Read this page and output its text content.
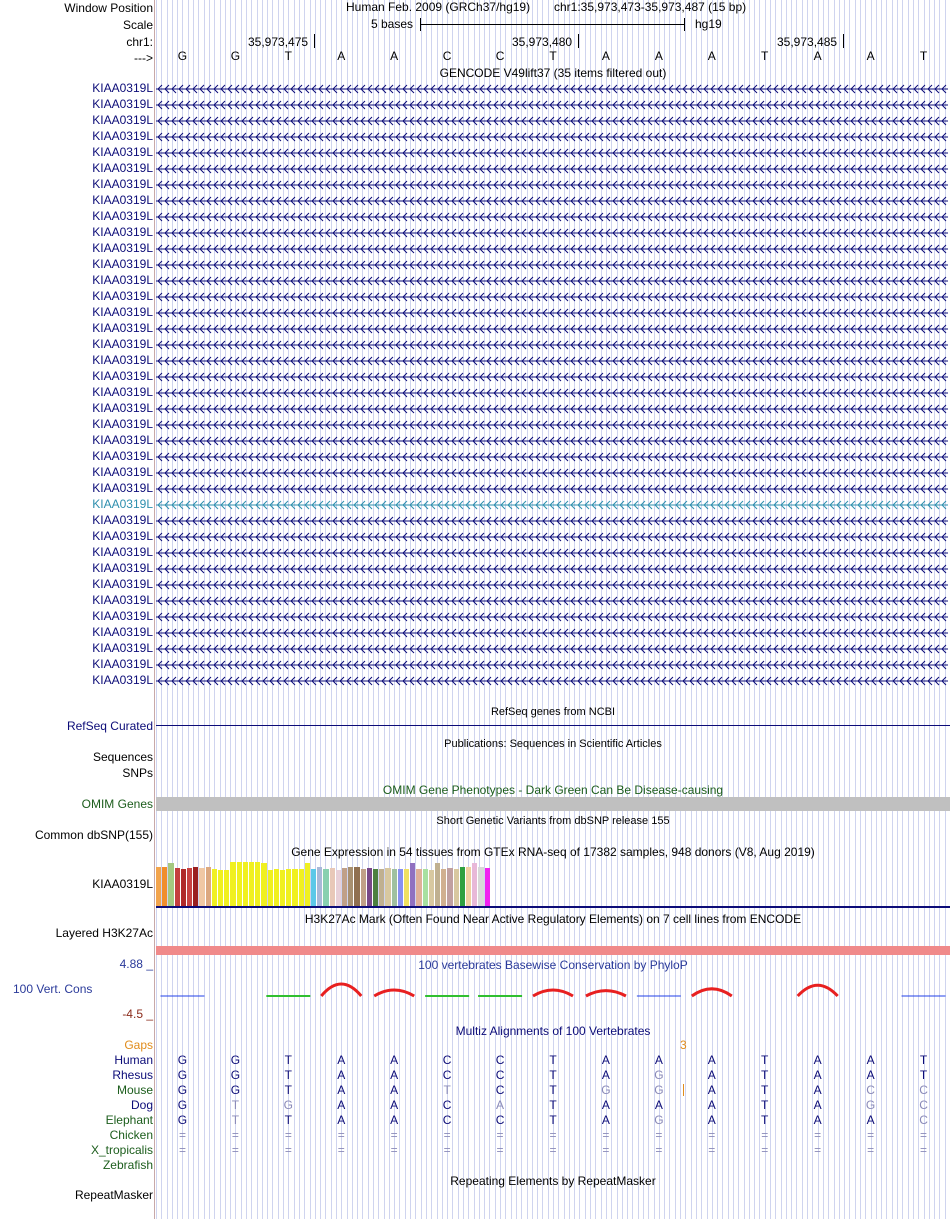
Window Position	Human Feb. 2009 (GRCh37/hg19) chr1:35,973,473-35,973,487 (15 bp)
Scale	5 bases	hg19
chr1:	35,973,475	35,973,480	35,973,485
--->
GENCODE V49lift37 (35 items filtered out)
RefSeq genes from NCBI
RefSeq Curated
Publications: Sequences in Scientific Articles
Sequences
SNPs
OMIM Gene Phenotypes - Dark Green Can Be Disease-causing
OMIM Genes
Short Genetic Variants from dbSNP release 155
Common dbSNP(155)
Gene Expression in 54 tissues from GTEx RNA-seq of 17382 samples, 948 donors (V8, Aug 2019)
KIAA0319L
H3K27Ac Mark (Often Found Near Active Regulatory Elements) on 7 cell lines from ENCODE
Layered H3K27Ac
100 vertebrates Basewise Conservation by PhyloP
4.88 _
100 Vert. Cons
-4.5 _
Multiz Alignments of 100 Vertebrates
Gaps	3
Repeating Elements by RepeatMasker
RepeatMasker
G	G	T	A	A	C	C	T	A	A	A	T	A	A	T
KIAA0319L
KIAA0319L
KIAA0319L
KIAA0319L
KIAA0319L
KIAA0319L
KIAA0319L
KIAA0319L
KIAA0319L
KIAA0319L
KIAA0319L
KIAA0319L
KIAA0319L
KIAA0319L
KIAA0319L
KIAA0319L
KIAA0319L
KIAA0319L
KIAA0319L
KIAA0319L
KIAA0319L
KIAA0319L
KIAA0319L
KIAA0319L
KIAA0319L
KIAA0319L
KIAA0319L
KIAA0319L
KIAA0319L
KIAA0319L
KIAA0319L
KIAA0319L
KIAA0319L
KIAA0319L
KIAA0319L
KIAA0319L
KIAA0319L
KIAA0319L
Human	G	G	T	A	A	C	C	T	A	A	A	T	A	A	T
Rhesus	G	G	T	A	A	C	C	T	A	G	A	T	A	A	T
Mouse	G	G	T	A	A	T	C	T	G	G	A	T	A	C	C
Dog	G	T	G	A	A	C	A	T	A	A	A	T	A	G	C
Elephant	G	T	T	A	A	C	C	T	A	G	A	T	A	A	C
Chicken	=	=	=	=	=	=	=	=	=	=	=	=	=	=	=
X_tropicalis	=	=	=	=	=	=	=	=	=	=	=	=	=	=	=
Zebrafish
